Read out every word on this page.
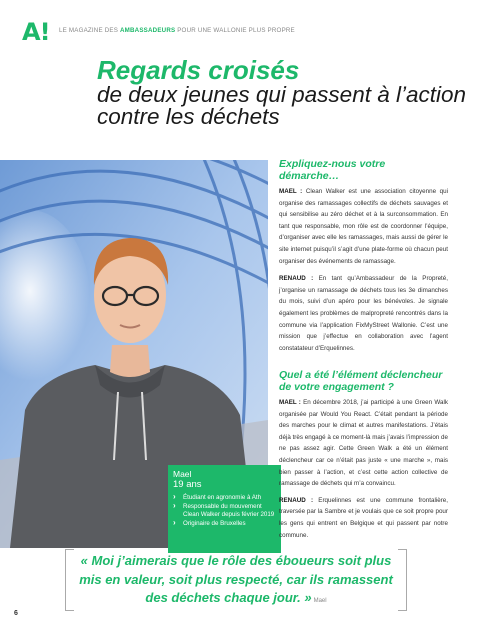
A! LE MAGAZINE DES AMBASSADEURS POUR UNE WALLONIE PLUS PROPRE
Regards croisés
de deux jeunes qui passent à l’action contre les déchets
Mael
19 ans
› Étudiant en agronomie à Ath
› Responsable du mouvement Clean Walker depuis février 2019
› Originaire de Bruxelles
Expliquez-nous votre démarche…
MAEL : Clean Walker est une association citoyenne qui organise des ramassages collectifs de déchets sauvages et qui sensibilise au zéro déchet et à la surconsommation. En tant que responsable, mon rôle est de coordonner l’équipe, d’organiser avec elle les ramassages, mais aussi de gérer le site internet puisqu’il s’agit d’une plate-forme où chacun peut organiser des événements de ramassage.
RENAUD : En tant qu’Ambassadeur de la Propreté, j’organise un ramassage de déchets tous les 3e dimanches du mois, suivi d’un apéro pour les bénévoles. Je signale également les problèmes de malpropreté rencontrés dans la commune via l’application FixMyStreet Wallonie. C’est une mission que j’effectue en collaboration avec l’agent constatateur d’Erquelinnes.
Quel a été l’élément déclencheur de votre engagement ?
MAEL : En décembre 2018, j’ai participé à une Green Walk organisée par Would You React. C’était pendant la période des marches pour le climat et autres manifestations. J’étais déjà très engagé à ce moment-là mais j’avais l’impression de ne pas assez agir. Cette Green Walk a été un élément déclencheur car ce n’était pas juste « une marche », mais bien passer à l’action, et c’est cette action collective de ramassage de déchets qui m’a convaincu.
RENAUD : Erquelinnes est une commune frontalière, traversée par la Sambre et je voulais que ce soit propre pour les gens qui entrent en Belgique et qui passent par notre commune.
« Moi j’aimerais que le rôle des éboueurs soit plus mis en valeur, soit plus respecté, car ils ramassent des déchets chaque jour. » Mael
6
